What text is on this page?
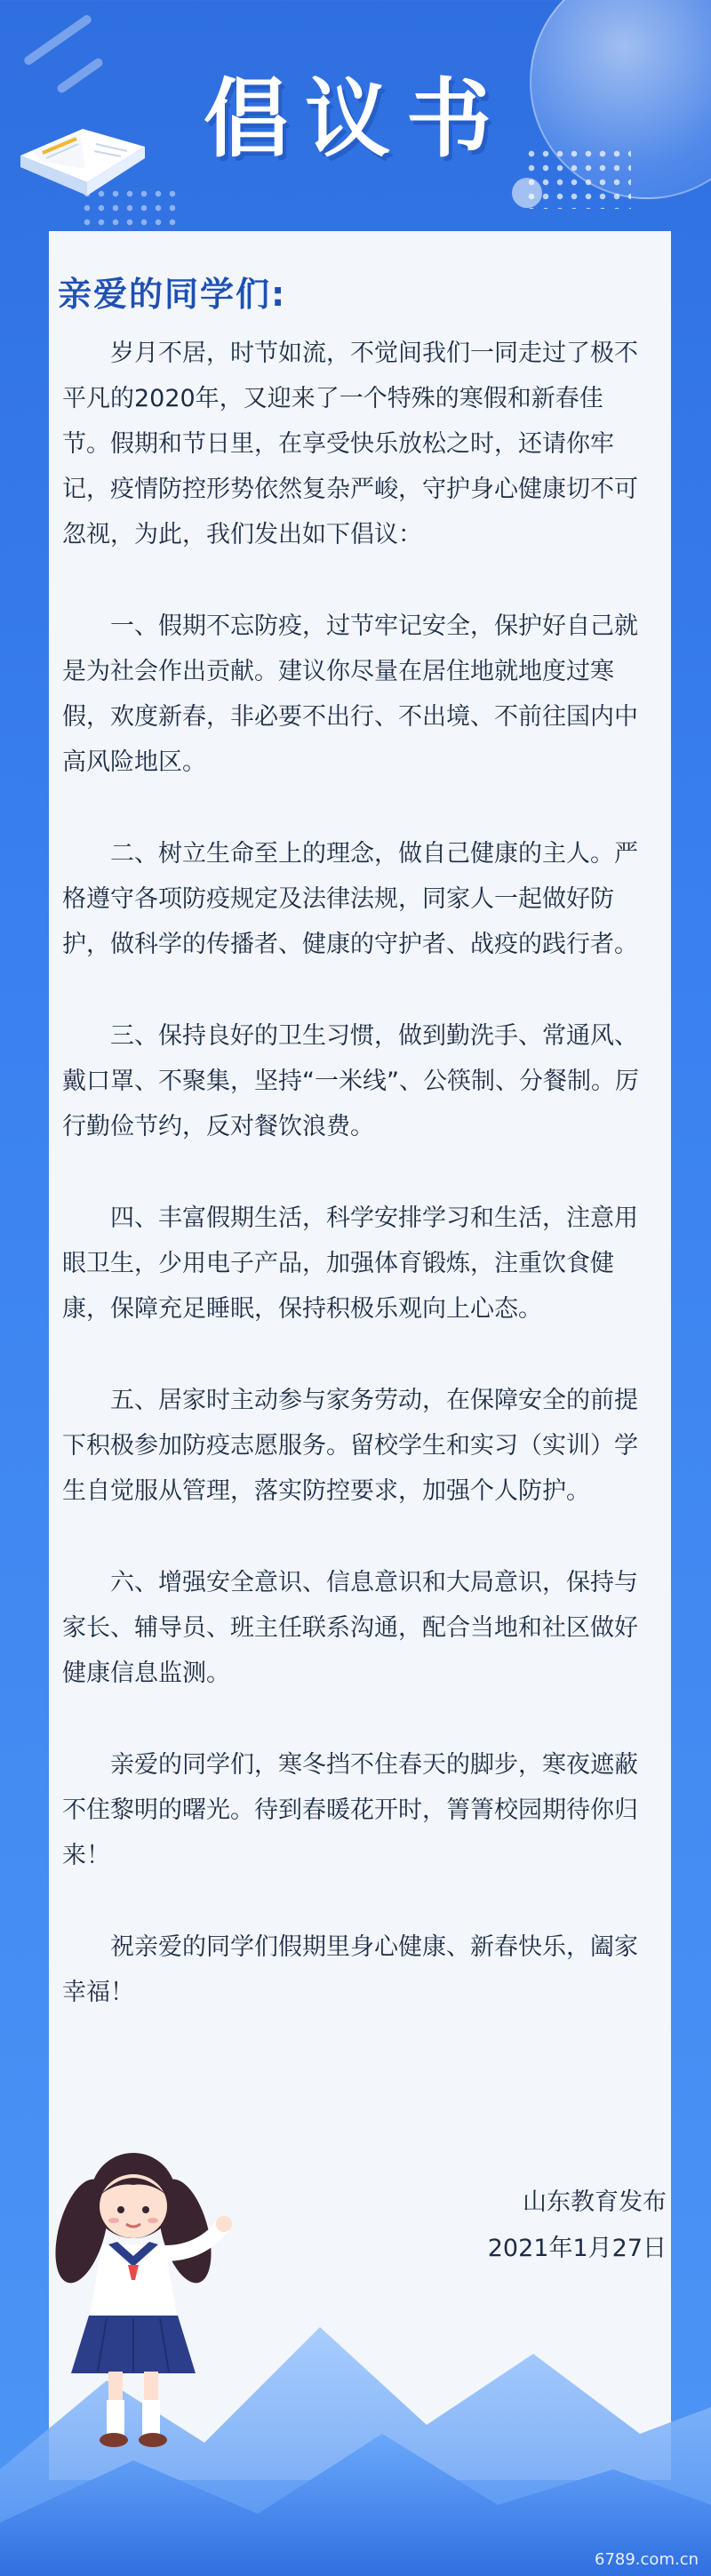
倡议书
亲爱的同学们:

岁月不居，时节如流，不觉间我们一同走过了极不平凡的2020年，又迎来了一个特殊的寒假和新春佳节。假期和节日里，在享受快乐放松之时，还请你牢记，疫情防控形势依然复杂严峻，守护身心健康切不可忽视，为此，我们发出如下倡议：

一、假期不忘防疫，过节牢记安全，保护好自己就是为社会作出贡献。建议你尽量在居住地就地度过寒假，欢度新春，非必要不出行、不出境、不前往国内中高风险地区。

二、树立生命至上的理念，做自己健康的主人。严格遵守各项防疫规定及法律法规，同家人一起做好防护，做科学的传播者、健康的守护者、战疫的践行者。

三、保持良好的卫生习惯，做到勤洗手、常通风、戴口罩、不聚集，坚持“一米线”、公筷制、分餐制。厉行勤俭节约，反对餐饮浪费。

四、丰富假期生活，科学安排学习和生活，注意用眼卫生，少用电子产品，加强体育锻炼，注重饮食健康，保障充足睡眠，保持积极乐观向上心态。

五、居家时主动参与家务劳动，在保障安全的前提下积极参加防疫志愿服务。留校学生和实习（实训）学生自觉服从管理，落实防控要求，加强个人防护。

六、增强安全意识、信息意识和大局意识，保持与家长、辅导员、班主任联系沟通，配合当地和社区做好健康信息监测。

亲爱的同学们，寒冬挡不住春天的脚步，寒夜遮蔽不住黎明的曙光。待到春暖花开时，箐箐校园期待你归来！

祝亲爱的同学们假期里身心健康、新春快乐，阖家幸福！

山东教育发布
2021年1月27日
6789.com.cn
